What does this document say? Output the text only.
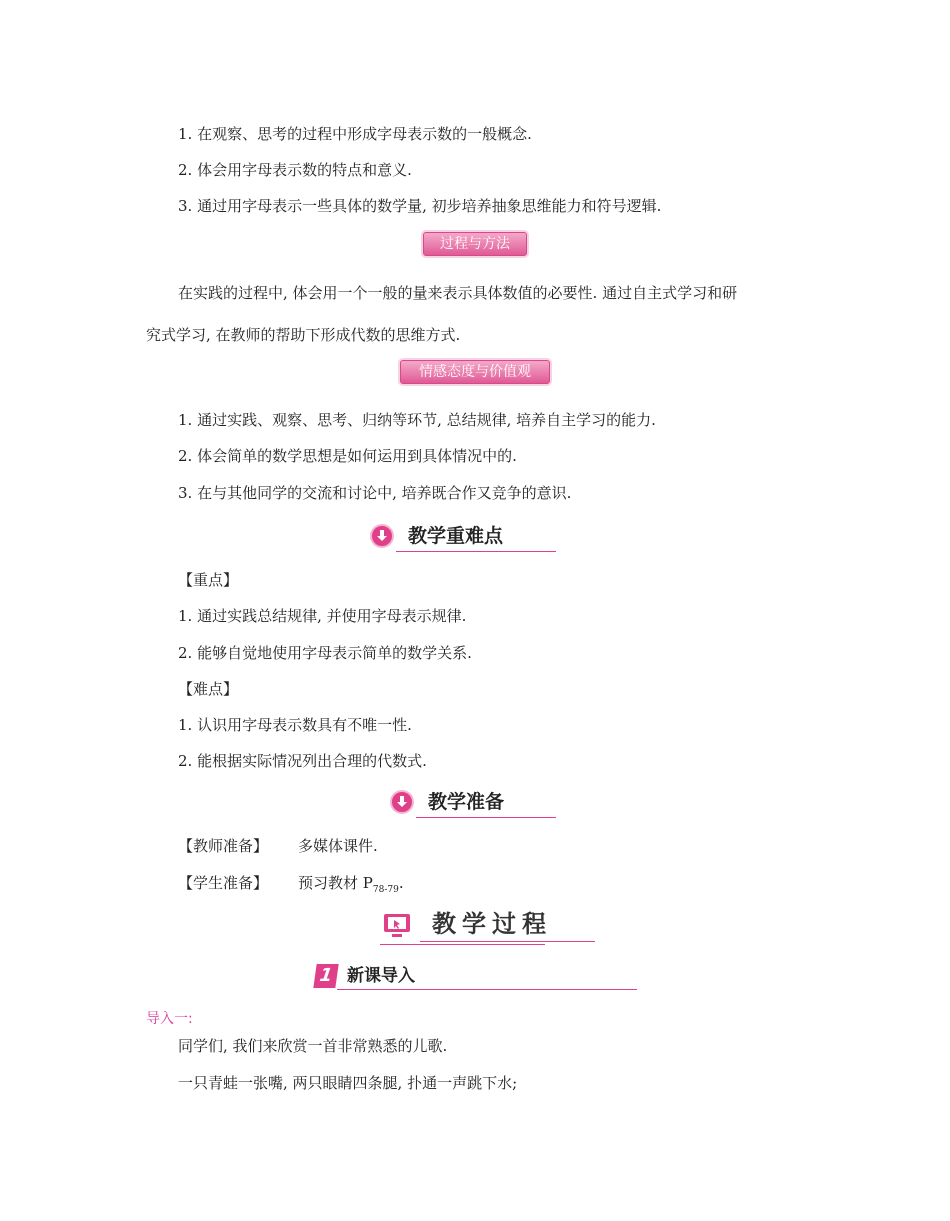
1. 在观察、思考的过程中形成字母表示数的一般概念.
2. 体会用字母表示数的特点和意义.
3. 通过用字母表示一些具体的数学量, 初步培养抽象思维能力和符号逻辑.
过程与方法
在实践的过程中, 体会用一个一般的量来表示具体数值的必要性. 通过自主式学习和研
究式学习, 在教师的帮助下形成代数的思维方式.
情感态度与价值观
1. 通过实践、观察、思考、归纳等环节, 总结规律, 培养自主学习的能力.
2. 体会简单的数学思想是如何运用到具体情况中的.
3. 在与其他同学的交流和讨论中, 培养既合作又竞争的意识.
教学重难点
【重点】
1. 通过实践总结规律, 并使用字母表示规律.
2. 能够自觉地使用字母表示简单的数学关系.
【难点】
1. 认识用字母表示数具有不唯一性.
2. 能根据实际情况列出合理的代数式.
教学准备
【教师准备】 多媒体课件.
【学生准备】 预习教材 $P_{78-79}$.
教学过程
1 新课导入
导入一:
同学们, 我们来欣赏一首非常熟悉的儿歌.
一只青蛙一张嘴, 两只眼睛四条腿, 扑通一声跳下水;
